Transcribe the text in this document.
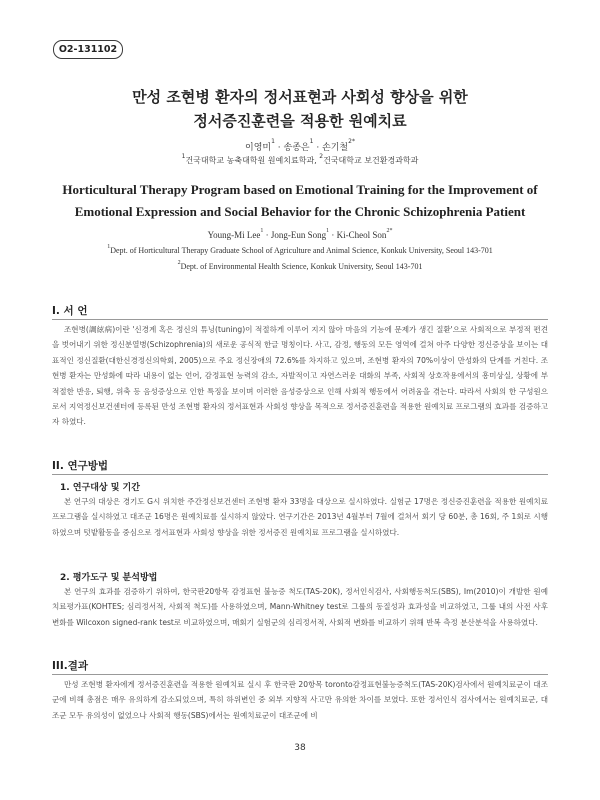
O2-131102
만성 조현병 환자의 정서표현과 사회성 향상을 위한
정서증진훈련을 적용한 원예치료
이영미$^1$ · 송종은$^1$ · 손기철$^{2*}$
$^1$건국대학교 농축대학원 원예치료학과, $^2$건국대학교 보건환경과학과
Horticultural Therapy Program based on Emotional Training for the Improvement of
Emotional Expression and Social Behavior for the Chronic Schizophrenia Patient
Young-Mi Lee$^1$ · Jong-Eun Song$^1$ · Ki-Cheol Son$^{2*}$
$^1$Dept. of Horticultural Therapy Graduate School of Agriculture and Animal Science, Konkuk University, Seoul 143-701
$^2$Dept. of Environmental Health Science, Konkuk University, Seoul 143-701
I. 서 언

조현병(調絃病)이란 '신경계 혹은 정신의 튜닝(tuning)이 적절하게 이루어 지지 않아 마음의 기능에 문제가 생긴 질환'으로 사회적으로 부정적 편견을 벗어내기 위한 정신분열병(Schizophrenia)의 새로운 공식적 한글 명칭이다. 사고, 감정, 행동의 모든 영역에 걸쳐 아주 다양한 정신증상을 보이는 대표적인 정신질환(대한신경정신의학회, 2005)으로 주요 정신장애의 72.6%를 차지하고 있으며, 조현병 환자의 70%이상이 만성화의 단계를 거친다. 조현병 환자는 만성화에 따라 내용이 없는 언어, 감정표현 능력의 감소, 자발적이고 자연스러운 대화의 부족, 사회적 상호작용에서의 흥미상실, 상황에 부적절한 반응, 퇴행, 위축 등 음성증상으로 인한 특징을 보이며 이러한 음성증상으로 인해 사회적 행동에서 어려움을 겪는다. 따라서 사회의 한 구성원으로서 지역정신보건센터에 등록된 만성 조현병 환자의 정서표현과 사회성 향상을 목적으로 정서증진훈련을 적용한 원예치료 프로그램의 효과를 검증하고자 하였다.

II. 연구방법
1. 연구대상 및 기간

본 연구의 대상은 경기도 G시 위치한 주간정신보건센터 조현병 환자 33명을 대상으로 실시하였다. 실험군 17명은 정신증진훈련을 적용한 원예치료 프로그램을 실시하였고 대조군 16명은 원예치료를 실시하지 않았다. 연구기간은 2013년 4월부터 7월에 걸쳐서 회기 당 60분, 총 16회, 주 1회로 시행하였으며 텃밭활동을 중심으로 정서표현과 사회성 향상을 위한 정서증진 원예치료 프로그램을 실시하였다.

2. 평가도구 및 분석방법

본 연구의 효과를 검증하기 위하여, 한국판20항목 감정표현 불능증 척도(TAS-20K), 정서인식검사, 사회행동척도(SBS), Im(2010)이 개발한 원예치료평가표(KOHTES; 심리정서적, 사회적 척도)를 사용하였으며, Mann-Whitney test로 그룹의 동질성과 효과성을 비교하였고, 그룹 내의 사전 사후 변화를 Wilcoxon signed-rank test로 비교하였으며, 매회기 실험군의 심리정서적, 사회적 변화를 비교하기 위해 반복 측정 분산분석을 사용하였다.

III.결과

만성 조현병 환자에게 정서증진훈련을 적용한 원예치료 실시 후 한국판 20항목 toronto감정표현불능증척도(TAS-20K)검사에서 원예치료군이 대조군에 비해 총점은 매우 유의하게 감소되었으며, 특히 하위변인 중 외부 지향적 사고만 유의한 차이를 보였다. 또한 정서인식 검사에서는 원예치료군, 대조군 모두 유의성이 없었으나 사회적 행동(SBS)에서는 원예치료군이 대조군에 비

38
